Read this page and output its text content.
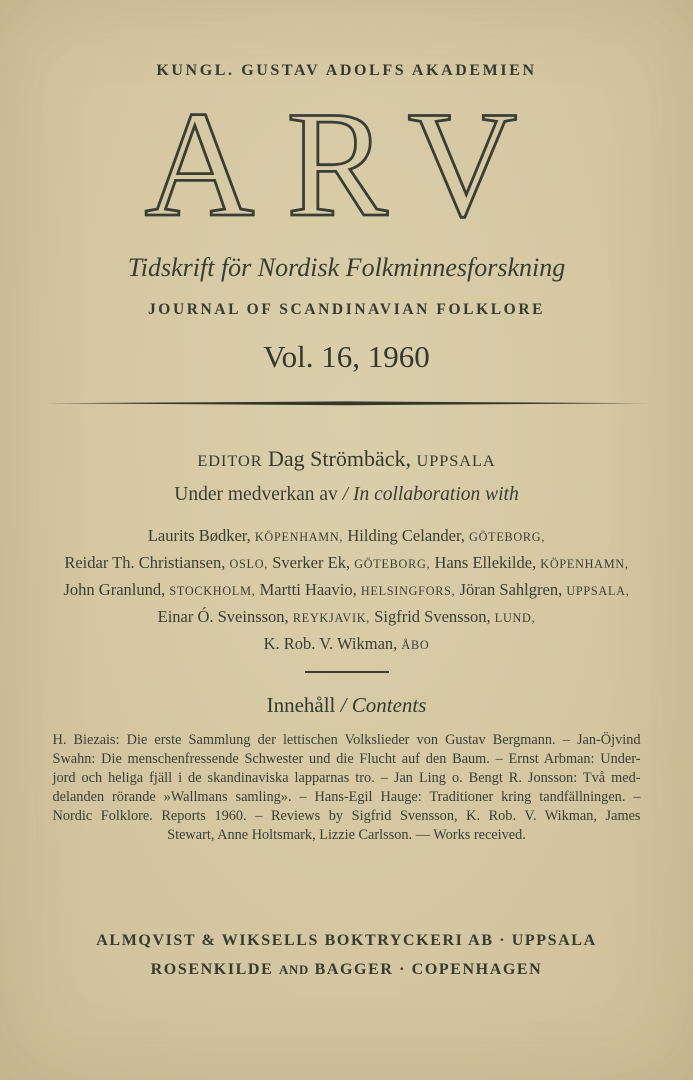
KUNGL. GUSTAV ADOLFS AKADEMIEN
ARV
Tidskrift för Nordisk Folkminnesforskning
JOURNAL OF SCANDINAVIAN FOLKLORE
Vol. 16, 1960
EDITOR Dag Strömbäck, UPPSALA
Under medverkan av / In collaboration with
Laurits Bødker, KÖPENHAMN, Hilding Celander, GÖTEBORG,
Reidar Th. Christiansen, OSLO, Sverker Ek, GÖTEBORG, Hans Ellekilde, KÖPENHAMN,
John Granlund, STOCKHOLM, Martti Haavio, HELSINGFORS, Jöran Sahlgren, UPPSALA,
Einar Ó. Sveinsson, REYKJAVIK, Sigfrid Svensson, LUND,
K. Rob. V. Wikman, ÅBO
Innehåll / Contents
H. Biezais: Die erste Sammlung der lettischen Volkslieder von Gustav Bergmann. – Jan-Öjvind
Swahn: Die menschenfressende Schwester und die Flucht auf den Baum. – Ernst Arbman: Under-
jord och heliga fjäll i de skandinaviska lapparnas tro. – Jan Ling o. Bengt R. Jonsson: Två med-
delanden rörande »Wallmans samling». – Hans-Egil Hauge: Traditioner kring tandfällningen. –
Nordic Folklore. Reports 1960. – Reviews by Sigfrid Svensson, K. Rob. V. Wikman, James
Stewart, Anne Holtsmark, Lizzie Carlsson. — Works received.
ALMQVIST & WIKSELLS BOKTRYCKERI AB · UPPSALA
ROSENKILDE AND BAGGER · COPENHAGEN
